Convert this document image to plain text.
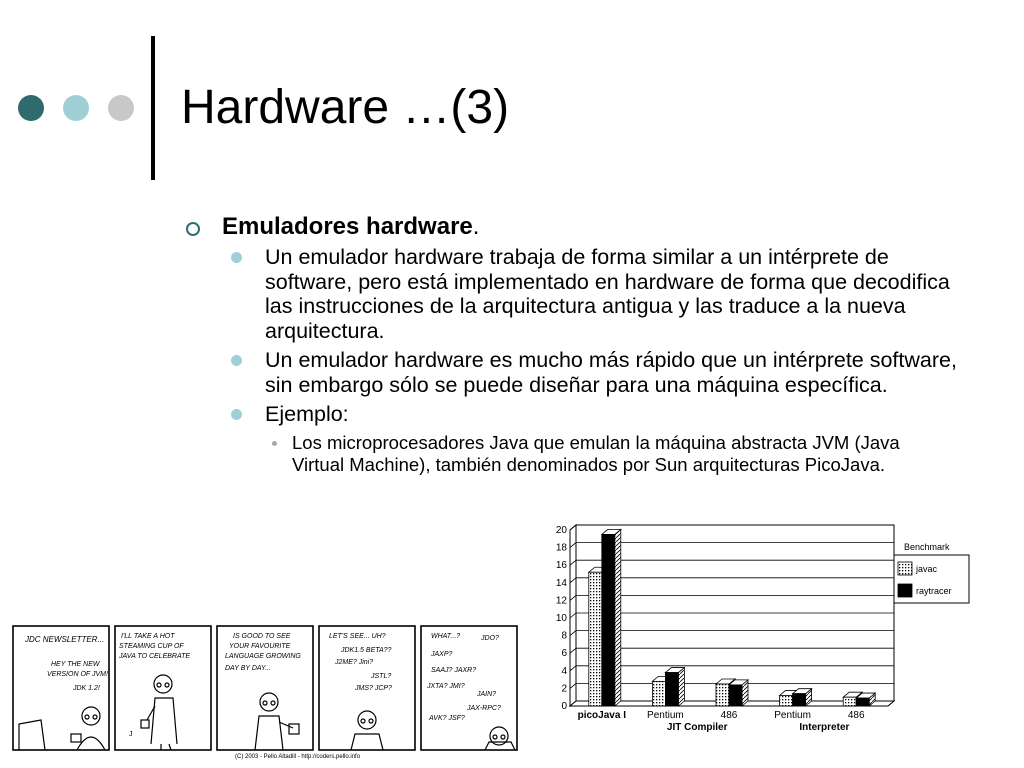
Hardware …(3)
Emuladores hardware.
Un emulador hardware trabaja de forma similar a un intérprete de software, pero está implementado en hardware de forma que decodifica las instrucciones de la arquitectura antigua y las traduce a la nueva arquitectura.
Un emulador hardware es mucho más rápido que un intérprete software, sin embargo sólo se puede diseñar para una máquina específica.
Ejemplo:
Los microprocesadores Java que emulan la máquina abstracta JVM (Java Virtual Machine), también denominados por Sun arquitecturas PicoJava.
JDC NEWSLETTER...
HEY THE NEW
VERSION OF JVM!
JDK 1.2!
I'LL TAKE A HOT
STEAMING CUP OF
JAVA TO CELEBRATE
J
IS GOOD TO SEE
YOUR FAVOURITE
LANGUAGE GROWING
DAY BY DAY...
LET'S SEE... UH?
JDK1.5 BETA??
J2ME? Jini?
JSTL?
JMS? JCP?
WHAT...?	JDO?
JAXP?
SAAJ? JAXR?
JXTA? JMI?
JAIN?
JAX-RPC?
AVK? JSF?
(C) 2003 - Pello Altadill - http://coders.pello.info
0
2
4
6
8
10
12
14
16
18
20
picoJava I Pentium	486	Pentium	486
JIT Compiler	Interpreter
Benchmark
javac
raytracer
